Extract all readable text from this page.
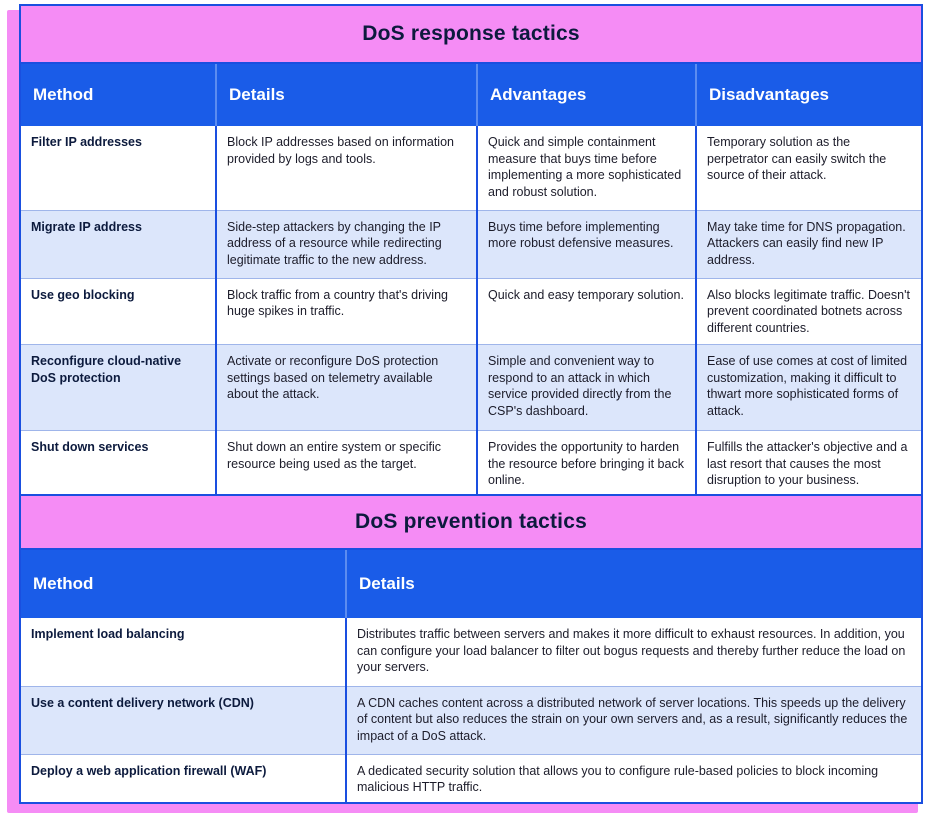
DoS response tactics
Method	Details	Advantages	Disadvantages
Filter IP addresses	Block IP addresses based on information provided by logs and tools.	Quick and simple containment measure that buys time before implementing a more sophisticated and robust solution.	Temporary solution as the perpetrator can easily switch the source of their attack.
Migrate IP address	Side-step attackers by changing the IP address of a resource while redirecting legitimate traffic to the new address.	Buys time before implementing more robust defensive measures.	May take time for DNS propagation. Attackers can easily find new IP address.
Use geo blocking	Block traffic from a country that's driving huge spikes in traffic.	Quick and easy temporary solution.	Also blocks legitimate traffic. Doesn't prevent coordinated botnets across different countries.
Reconfigure cloud-native DoS protection	Activate or reconfigure DoS protection settings based on telemetry available about the attack.	Simple and convenient way to respond to an attack in which service provided directly from the CSP's dashboard.	Ease of use comes at cost of limited customization, making it difficult to thwart more sophisticated forms of attack.
Shut down services	Shut down an entire system or specific resource being used as the target.	Provides the opportunity to harden the resource before bringing it back online.	Fulfills the attacker's objective and a last resort that causes the most disruption to your business.
DoS prevention tactics
Method	Details
Implement load balancing	Distributes traffic between servers and makes it more difficult to exhaust resources. In addition, you can configure your load balancer to filter out bogus requests and thereby further reduce the load on your servers.
Use a content delivery network (CDN)	A CDN caches content across a distributed network of server locations. This speeds up the delivery of content but also reduces the strain on your own servers and, as a result, significantly reduces the impact of a DoS attack.
Deploy a web application firewall (WAF)	A dedicated security solution that allows you to configure rule-based policies to block incoming malicious HTTP traffic.
